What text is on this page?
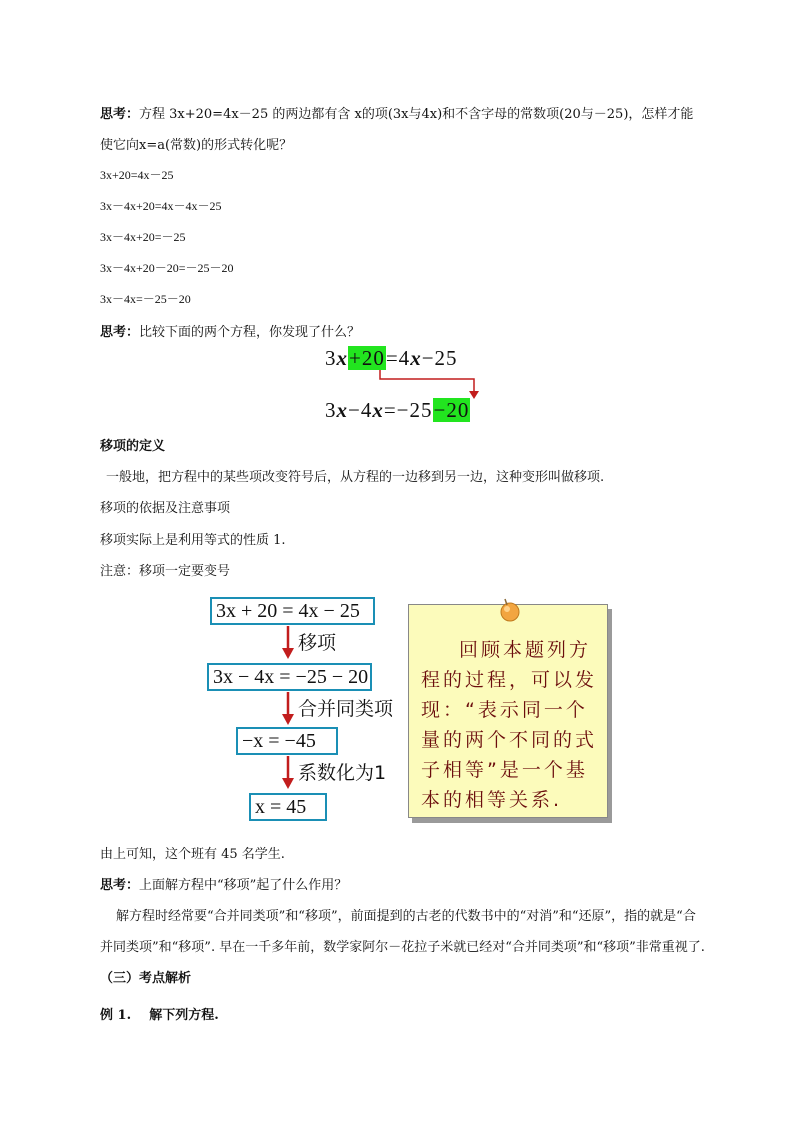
思考：方程 3x+20=4x－25 的两边都有含 x的项(3x与4x)和不含字母的常数项(20与－25)，怎样才能

使它向x=a(常数)的形式转化呢？

3x+20=4x－25

3x－4x+20=4x－4x－25

3x－4x+20=－25

3x－4x+20－20=－25－20

3x－4x=－25－20

思考：比较下面的两个方程，你发现了什么？

3x+20=4x−25
3x−4x=−25−20

移项的定义

一般地，把方程中的某些项改变符号后，从方程的一边移到另一边，这种变形叫做移项.

移项的依据及注意事项

移项实际上是利用等式的性质 1.

注意：移项一定要变号

3x + 20 = 4x − 25
移项
3x − 4x = −25 − 20
合并同类项
−x = −45
系数化为1
x = 45
回顾本题列方程的过程，可以发现：“表示同一个量的两个不同的式子相等”是一个基本的相等关系.

由上可知，这个班有 45 名学生.

思考：上面解方程中“移项”起了什么作用？

解方程时经常要“合并同类项”和“移项”，前面提到的古老的代数书中的“对消”和“还原”，指的就是“合

并同类项”和“移项”. 早在一千多年前，数学家阿尔－花拉子米就已经对“合并同类项”和“移项”非常重视了.

（三）考点解析

例 1. 解下列方程.
